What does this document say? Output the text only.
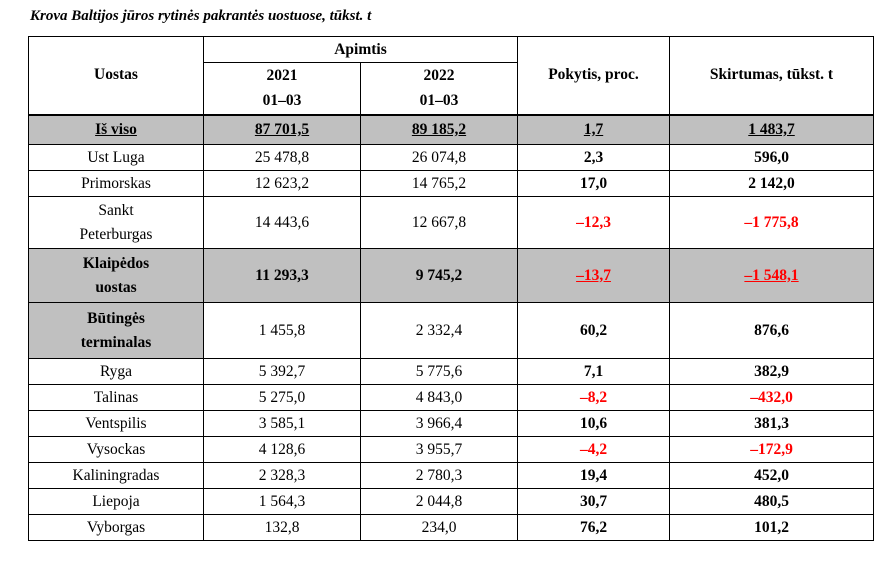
Krova Baltijos jūros rytinės pakrantės uostuose, tūkst. t
Uostas	Apimtis		Pokytis, proc.	Skirtumas, tūkst. t
	2021	2022		
	01–03	01–03		
Iš viso	87 701,5	89 185,2	1,7	1 483,7
Ust Luga	25 478,8	26 074,8	2,3	596,0
Primorskas	12 623,2	14 765,2	17,0	2 142,0
Sankt
Peterburgas	14 443,6	12 667,8	–12,3	–1 775,8
Klaipėdos
uostas	11 293,3	9 745,2	–13,7	–1 548,1
Būtingės
terminalas	1 455,8	2 332,4	60,2	876,6
Ryga	5 392,7	5 775,6	7,1	382,9
Talinas	5 275,0	4 843,0	–8,2	–432,0
Ventspilis	3 585,1	3 966,4	10,6	381,3
Vysockas	4 128,6	3 955,7	–4,2	–172,9
Kaliningradas	2 328,3	2 780,3	19,4	452,0
Liepoja	1 564,3	2 044,8	30,7	480,5
Vyborgas	132,8	234,0	76,2	101,2
